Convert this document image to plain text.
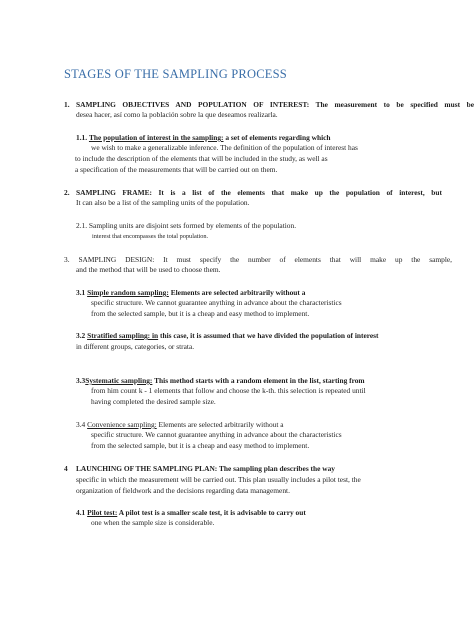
STAGES OF THE SAMPLING PROCESS
1. SAMPLING OBJECTIVES AND POPULATION OF INTEREST: The measurement to be specified must be
desea hacer, así como la población sobre la que deseamos realizarla.
1.1. The population of interest in the sampling: a set of elements regarding which
we wish to make a generalizable inference. The definition of the population of interest has
to include the description of the elements that will be included in the study, as well as
a specification of the measurements that will be carried out on them.
2. SAMPLING FRAME: It is a list of the elements that make up the population of interest, but
It can also be a list of the sampling units of the population.
2.1. Sampling units are disjoint sets formed by elements of the population.
interest that encompasses the total population.
3. SAMPLING DESIGN: It must specify the number of elements that will make up the sample,
and the method that will be used to choose them.
3.1 Simple random sampling: Elements are selected arbitrarily without a
specific structure. We cannot guarantee anything in advance about the characteristics
from the selected sample, but it is a cheap and easy method to implement.
3.2 Stratified sampling: in this case, it is assumed that we have divided the population of interest
in different groups, categories, or strata.
3.3Systematic sampling: This method starts with a random element in the list, starting from
from him count k - 1 elements that follow and choose the k-th. this selection is repeated until
having completed the desired sample size.
3.4 Convenience sampling: Elements are selected arbitrarily without a
specific structure. We cannot guarantee anything in advance about the characteristics
from the selected sample, but it is a cheap and easy method to implement.
4 LAUNCHING OF THE SAMPLING PLAN: The sampling plan describes the way
specific in which the measurement will be carried out. This plan usually includes a pilot test, the
organization of fieldwork and the decisions regarding data management.
4.1 Pilot test: A pilot test is a smaller scale test, it is advisable to carry out
one when the sample size is considerable.
